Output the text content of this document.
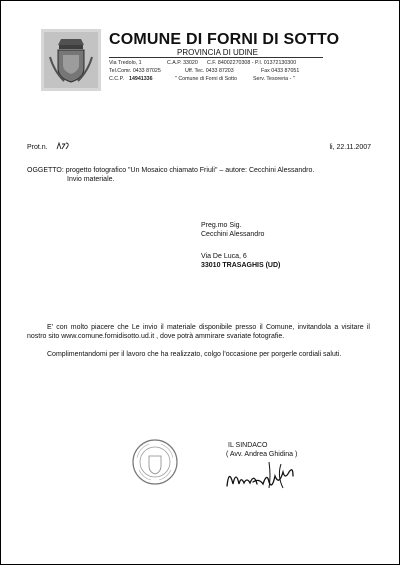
COMUNE DI FORNI DI SOTTO
PROVINCIA DI UDINE
Via Tredolo, 1	C.A.P. 33020 C.F. 84002270308 - P.I. 01372130300
Tel.Comr. 0433 87025	Uff. Tec. 0433 87203	Fax 0433 87051
C.C.P. 14941336	" Comune di Forni di Sotto	Serv. Tesoreria - "
Prot.n.	li, 22.11.2007
OGGETTO: progetto fotografico "Un Mosaico chiamato Friuli" – autore: Cecchini Alessandro.
Invio materiale.
Preg.mo Sig.
Cecchini Alessandro
Via De Luca, 6
33010 TRASAGHIS (UD)

E' con molto piacere che Le invio il materiale disponibile presso il Comune, invitandola a visitare il nostro sito www.comune.fornidisotto.ud.it , dove potrà ammirare svariate fotografie.

Complimentandomi per il lavoro che ha realizzato, colgo l'occasione per porgerle cordiali saluti.

IL SINDACO
( Avv. Andrea Ghidina )
